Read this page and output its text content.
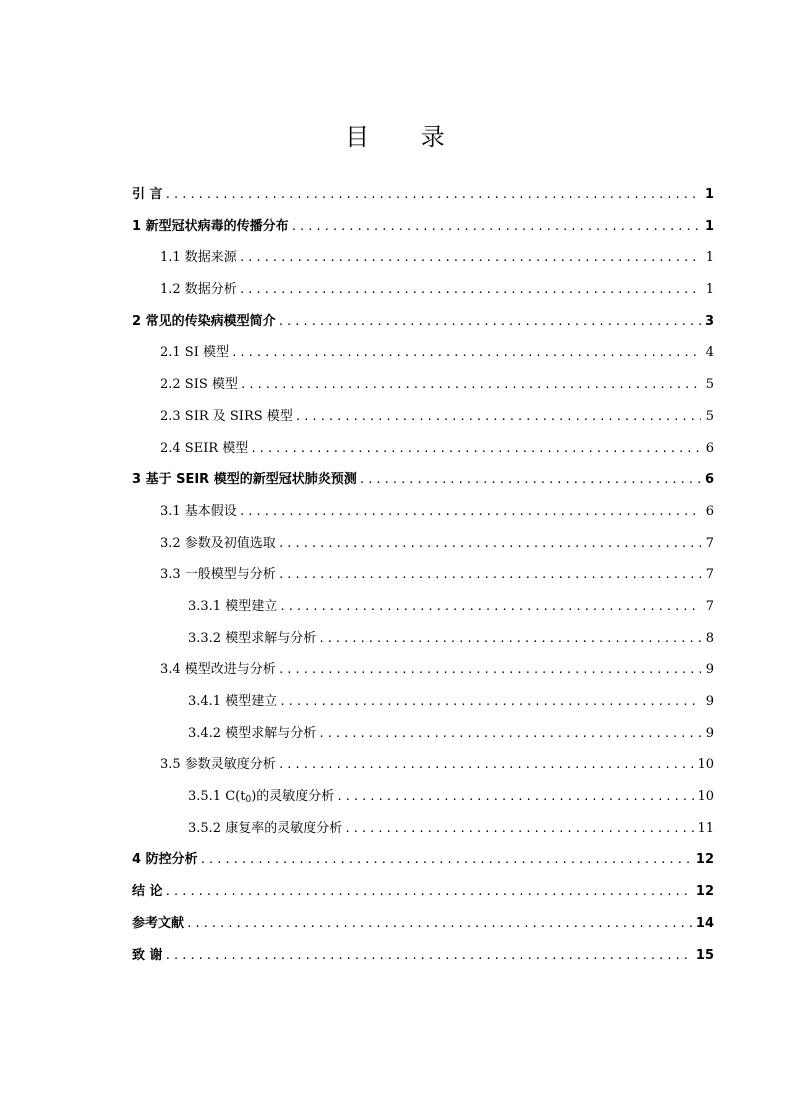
目 录
引 言 .....	1
1 新型冠状病毒的传播分布 .....	1
1.1 数据来源 .....	1
1.2 数据分析 .....	1
2 常见的传染病模型简介 .....	3
2.1 SI 模型 .....	4
2.2 SIS 模型 .....	5
2.3 SIR 及 SIRS 模型 .....	5
2.4 SEIR 模型 .....	6
3 基于 SEIR 模型的新型冠状肺炎预测 .....	6
3.1 基本假设 .....	6
3.2 参数及初值选取 .....	7
3.3 一般模型与分析 .....	7
3.3.1 模型建立 .....	7
3.3.2 模型求解与分析 .....	8
3.4 模型改进与分析 .....	9
3.4.1 模型建立 .....	9
3.4.2 模型求解与分析 .....	9
3.5 参数灵敏度分析 .....	10
3.5.1 $C(t_0)$的灵敏度分析 .....	10
3.5.2 康复率的灵敏度分析 .....	11
4 防控分析 .....	12
结 论 .....	12
参考文献 .....	14
致 谢 .....	15
